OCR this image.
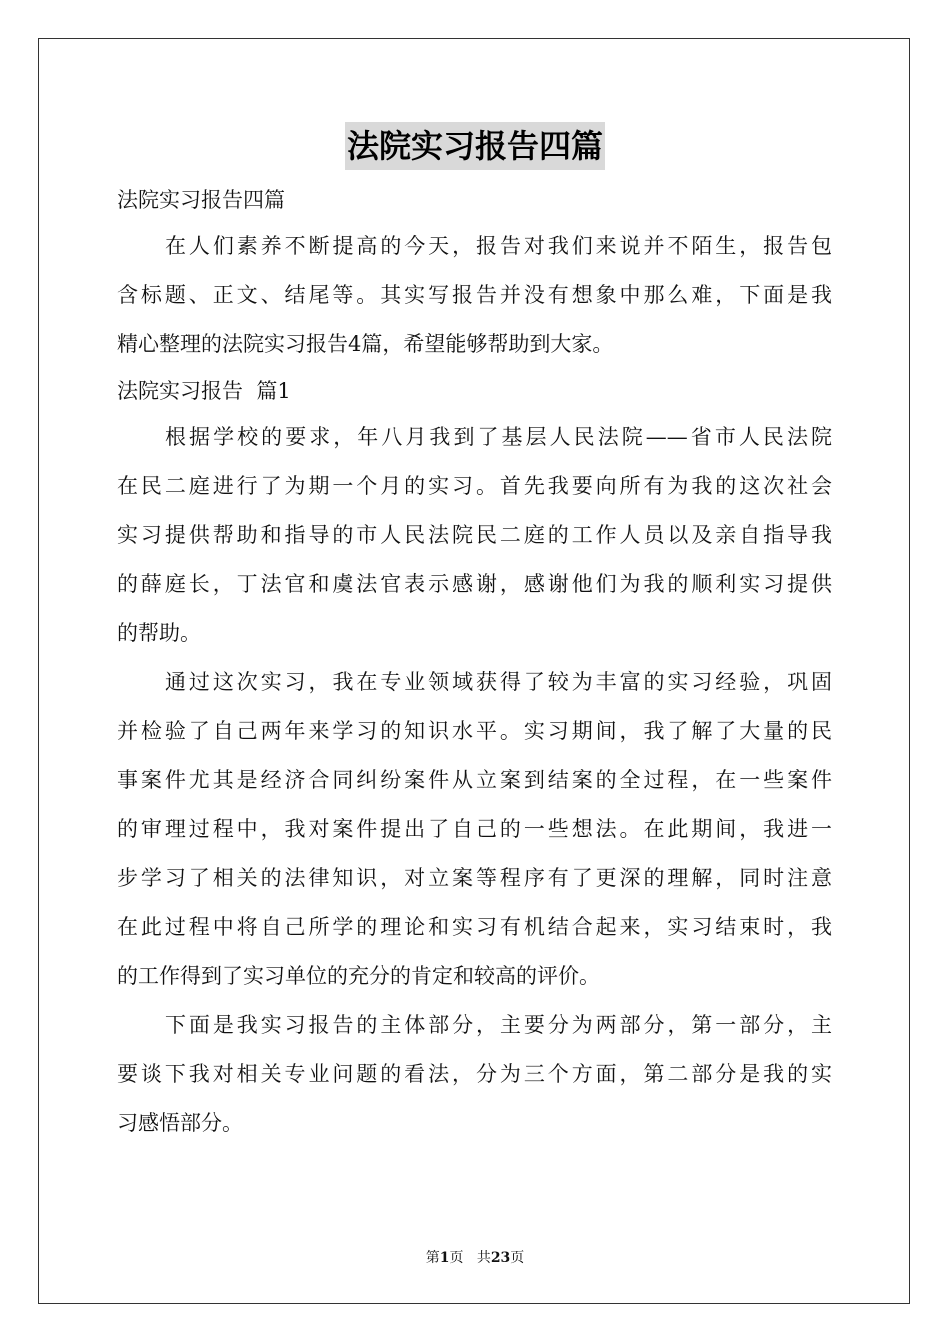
法院实习报告四篇
法院实习报告四篇
在人们素养不断提高的今天，报告对我们来说并不陌生，报告包
含标题、正文、结尾等。其实写报告并没有想象中那么难，下面是我
精心整理的法院实习报告4篇，希望能够帮助到大家。
法院实习报告  篇1
根据学校的要求，年八月我到了基层人民法院——省市人民法院
在民二庭进行了为期一个月的实习。首先我要向所有为我的这次社会
实习提供帮助和指导的市人民法院民二庭的工作人员以及亲自指导我
的薛庭长，丁法官和虞法官表示感谢，感谢他们为我的顺利实习提供
的帮助。
通过这次实习，我在专业领域获得了较为丰富的实习经验，巩固
并检验了自己两年来学习的知识水平。实习期间，我了解了大量的民
事案件尤其是经济合同纠纷案件从立案到结案的全过程，在一些案件
的审理过程中，我对案件提出了自己的一些想法。在此期间，我进一
步学习了相关的法律知识，对立案等程序有了更深的理解，同时注意
在此过程中将自己所学的理论和实习有机结合起来，实习结束时，我
的工作得到了实习单位的充分的肯定和较高的评价。
下面是我实习报告的主体部分，主要分为两部分，第一部分，主
要谈下我对相关专业问题的看法，分为三个方面，第二部分是我的实
习感悟部分。
第1页 共23页
